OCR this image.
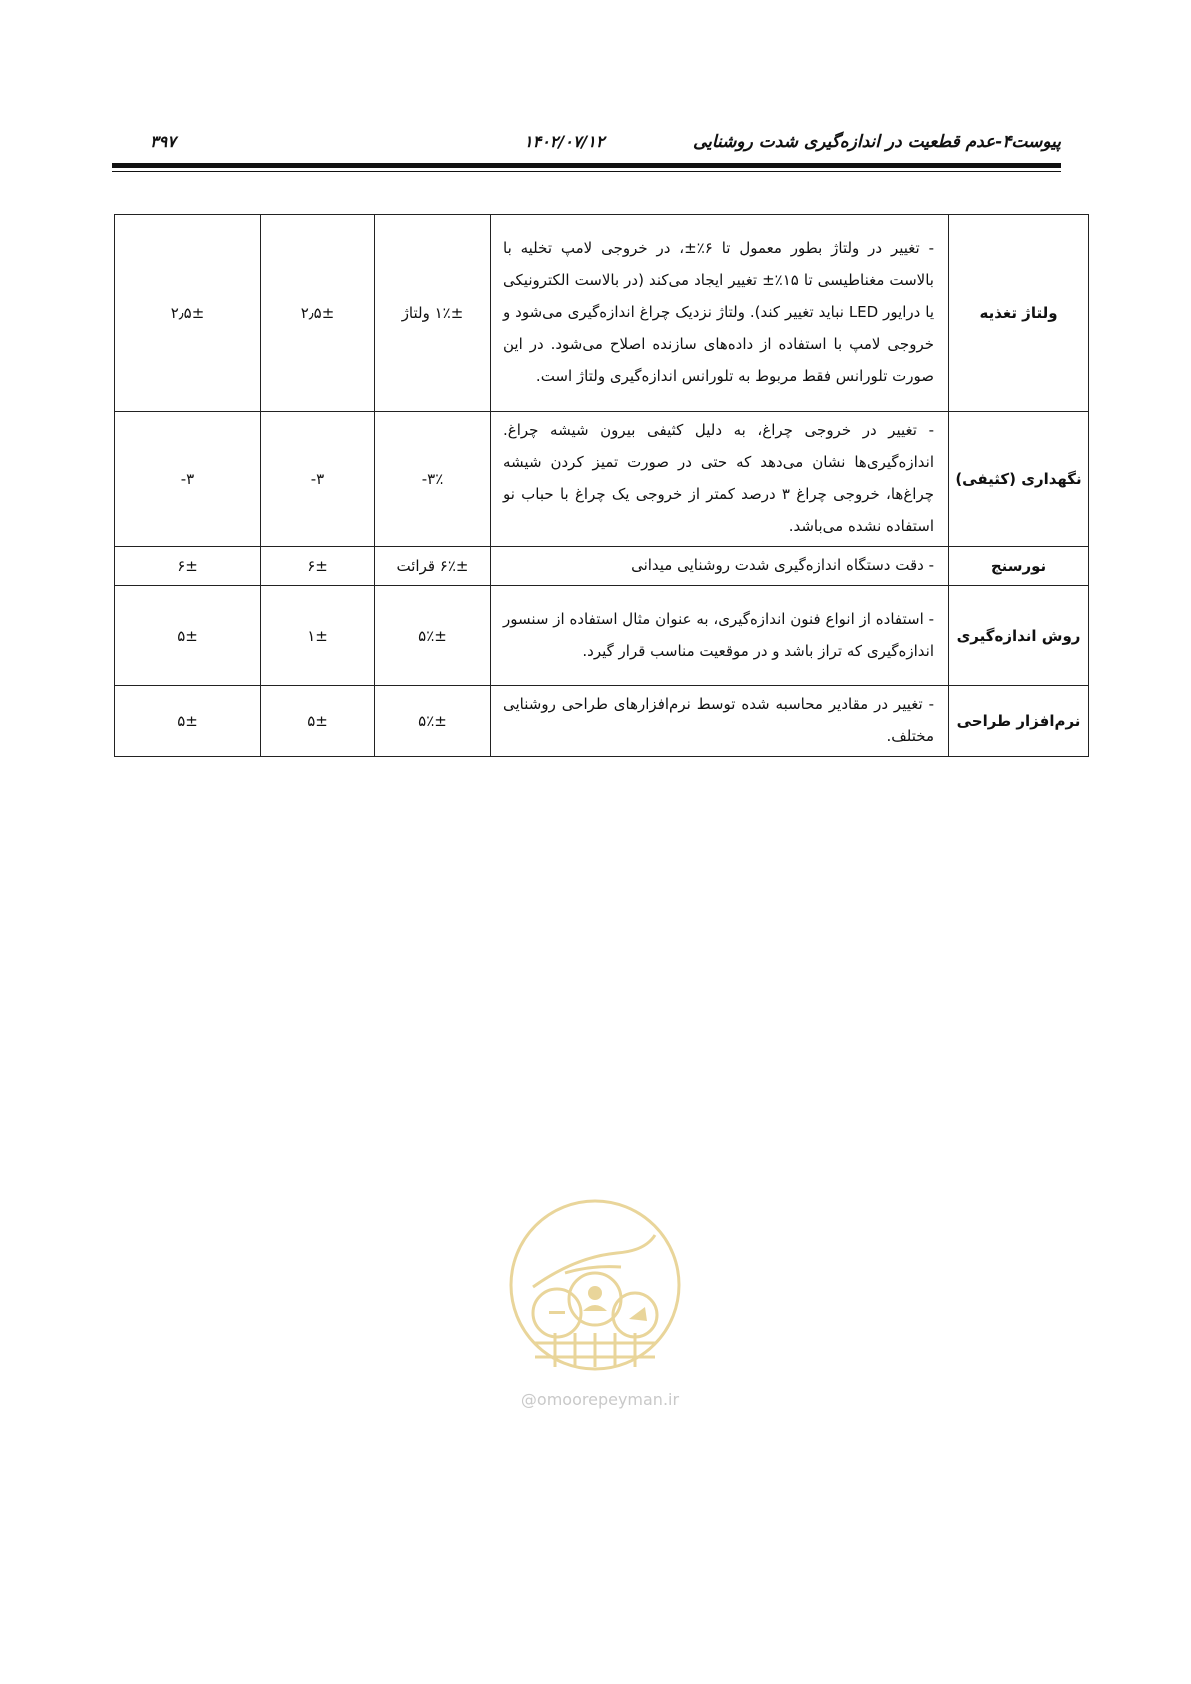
پیوست۴-عدم قطعیت در اندازه‌گیری شدت روشنایی
۱۴۰۲/۰۷/۱۲
۳۹۷
ولتاژ تغذیه	- تغییر در ولتاژ بطور معمول تا ۶٪±، در خروجی لامپ تخلیه با بالاست مغناطیسی تا ۱۵٪± تغییر ایجاد می‌کند (در بالاست الکترونیکی یا درایور LED نباید تغییر کند). ولتاژ نزدیک چراغ اندازه‌گیری می‌شود و خروجی لامپ با استفاده از داده‌های سازنده اصلاح می‌شود. در این صورت تلورانس فقط مربوط به تلورانس اندازه‌گیری ولتاژ است.	۱٪± ولتاژ	۲٫۵±	۲٫۵±
نگهداری (کثیفی)	- تغییر در خروجی چراغ، به دلیل کثیفی بیرون شیشه چراغ. اندازه‌گیری‌ها نشان می‌دهد که حتی در صورت تمیز کردن شیشه چراغ‌ها، خروجی چراغ ۳ درصد کمتر از خروجی یک چراغ با حباب نو استفاده نشده می‌باشد.	۳٪-	۳-	۳-
نورسنج	- دقت دستگاه اندازه‌گیری شدت روشنایی میدانی	۶٪± قرائت	۶±	۶±
روش اندازه‌گیری	- استفاده از انواع فنون اندازه‌گیری، به عنوان مثال استفاده از سنسور اندازه‌گیری که تراز باشد و در موقعیت مناسب قرار گیرد.	۵٪±	۱±	۵±
نرم‌افزار طراحی	- تغییر در مقادیر محاسبه شده توسط نرم‌افزارهای طراحی روشنایی مختلف.	۵٪±	۵±	۵±
@omoorepeyman.ir
